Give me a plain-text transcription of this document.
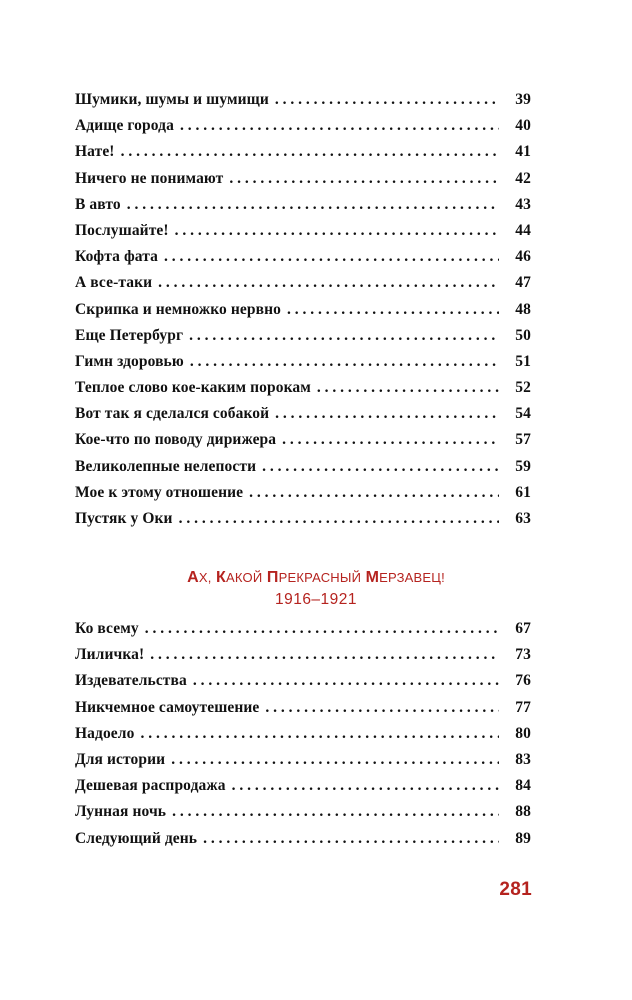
Шумики, шумы и шумищи . . .	39
Адище города . . .	40
Нате! . . .	41
Ничего не понимают . . .	42
В авто . . .	43
Послушайте! . . .	44
Кофта фата . . .	46
А все-таки . . .	47
Скрипка и немножко нервно . . .	48
Еще Петербург . . .	50
Гимн здоровью . . .	51
Теплое слово кое-каким порокам . . .	52
Вот так я сделался собакой . . .	54
Кое-что по поводу дирижера . . .	57
Великолепные нелепости . . .	59
Мое к этому отношение . . .	61
Пустяк у Оки . . .	63
АХ, КАКОЙ ПРЕКРАСНЫЙ МЕРЗАВЕЦ!
1916–1921
Ко всему . . .	67
Лиличка! . . .	73
Издевательства . . .	76
Никчемное самоутешение . . .	77
Надоело . . .	80
Для истории . . .	83
Дешевая распродажа . . .	84
Лунная ночь . . .	88
Следующий день . . .	89
281
